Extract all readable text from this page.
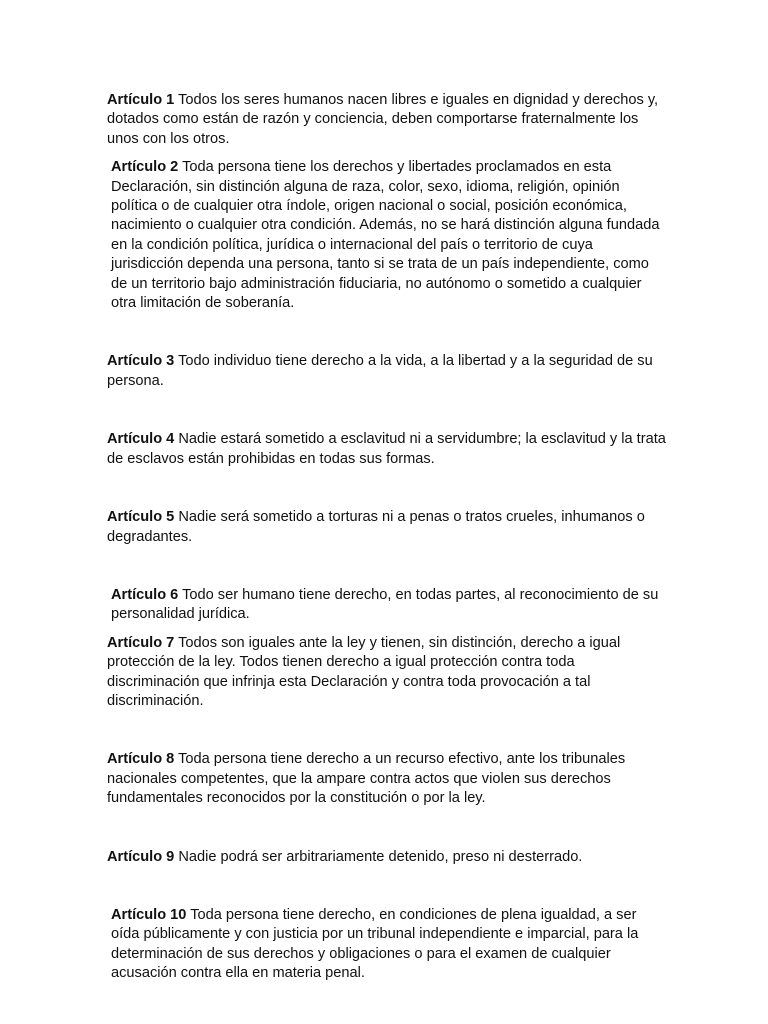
Artículo 1 Todos los seres humanos nacen libres e iguales en dignidad y derechos y, dotados como están de razón y conciencia, deben comportarse fraternalmente los unos con los otros.

Artículo 2 Toda persona tiene los derechos y libertades proclamados en esta Declaración, sin distinción alguna de raza, color, sexo, idioma, religión, opinión política o de cualquier otra índole, origen nacional o social, posición económica, nacimiento o cualquier otra condición. Además, no se hará distinción alguna fundada en la condición política, jurídica o internacional del país o territorio de cuya jurisdicción dependa una persona, tanto si se trata de un país independiente, como de un territorio bajo administración fiduciaria, no autónomo o sometido a cualquier otra limitación de soberanía.

Artículo 3 Todo individuo tiene derecho a la vida, a la libertad y a la seguridad de su persona.

Artículo 4 Nadie estará sometido a esclavitud ni a servidumbre; la esclavitud y la trata de esclavos están prohibidas en todas sus formas.

Artículo 5 Nadie será sometido a torturas ni a penas o tratos crueles, inhumanos o degradantes.

Artículo 6 Todo ser humano tiene derecho, en todas partes, al reconocimiento de su personalidad jurídica.

Artículo 7 Todos son iguales ante la ley y tienen, sin distinción, derecho a igual protección de la ley. Todos tienen derecho a igual protección contra toda discriminación que infrinja esta Declaración y contra toda provocación a tal discriminación.

Artículo 8 Toda persona tiene derecho a un recurso efectivo, ante los tribunales nacionales competentes, que la ampare contra actos que violen sus derechos fundamentales reconocidos por la constitución o por la ley.

Artículo 9 Nadie podrá ser arbitrariamente detenido, preso ni desterrado.

Artículo 10 Toda persona tiene derecho, en condiciones de plena igualdad, a ser oída públicamente y con justicia por un tribunal independiente e imparcial, para la determinación de sus derechos y obligaciones o para el examen de cualquier acusación contra ella en materia penal.
